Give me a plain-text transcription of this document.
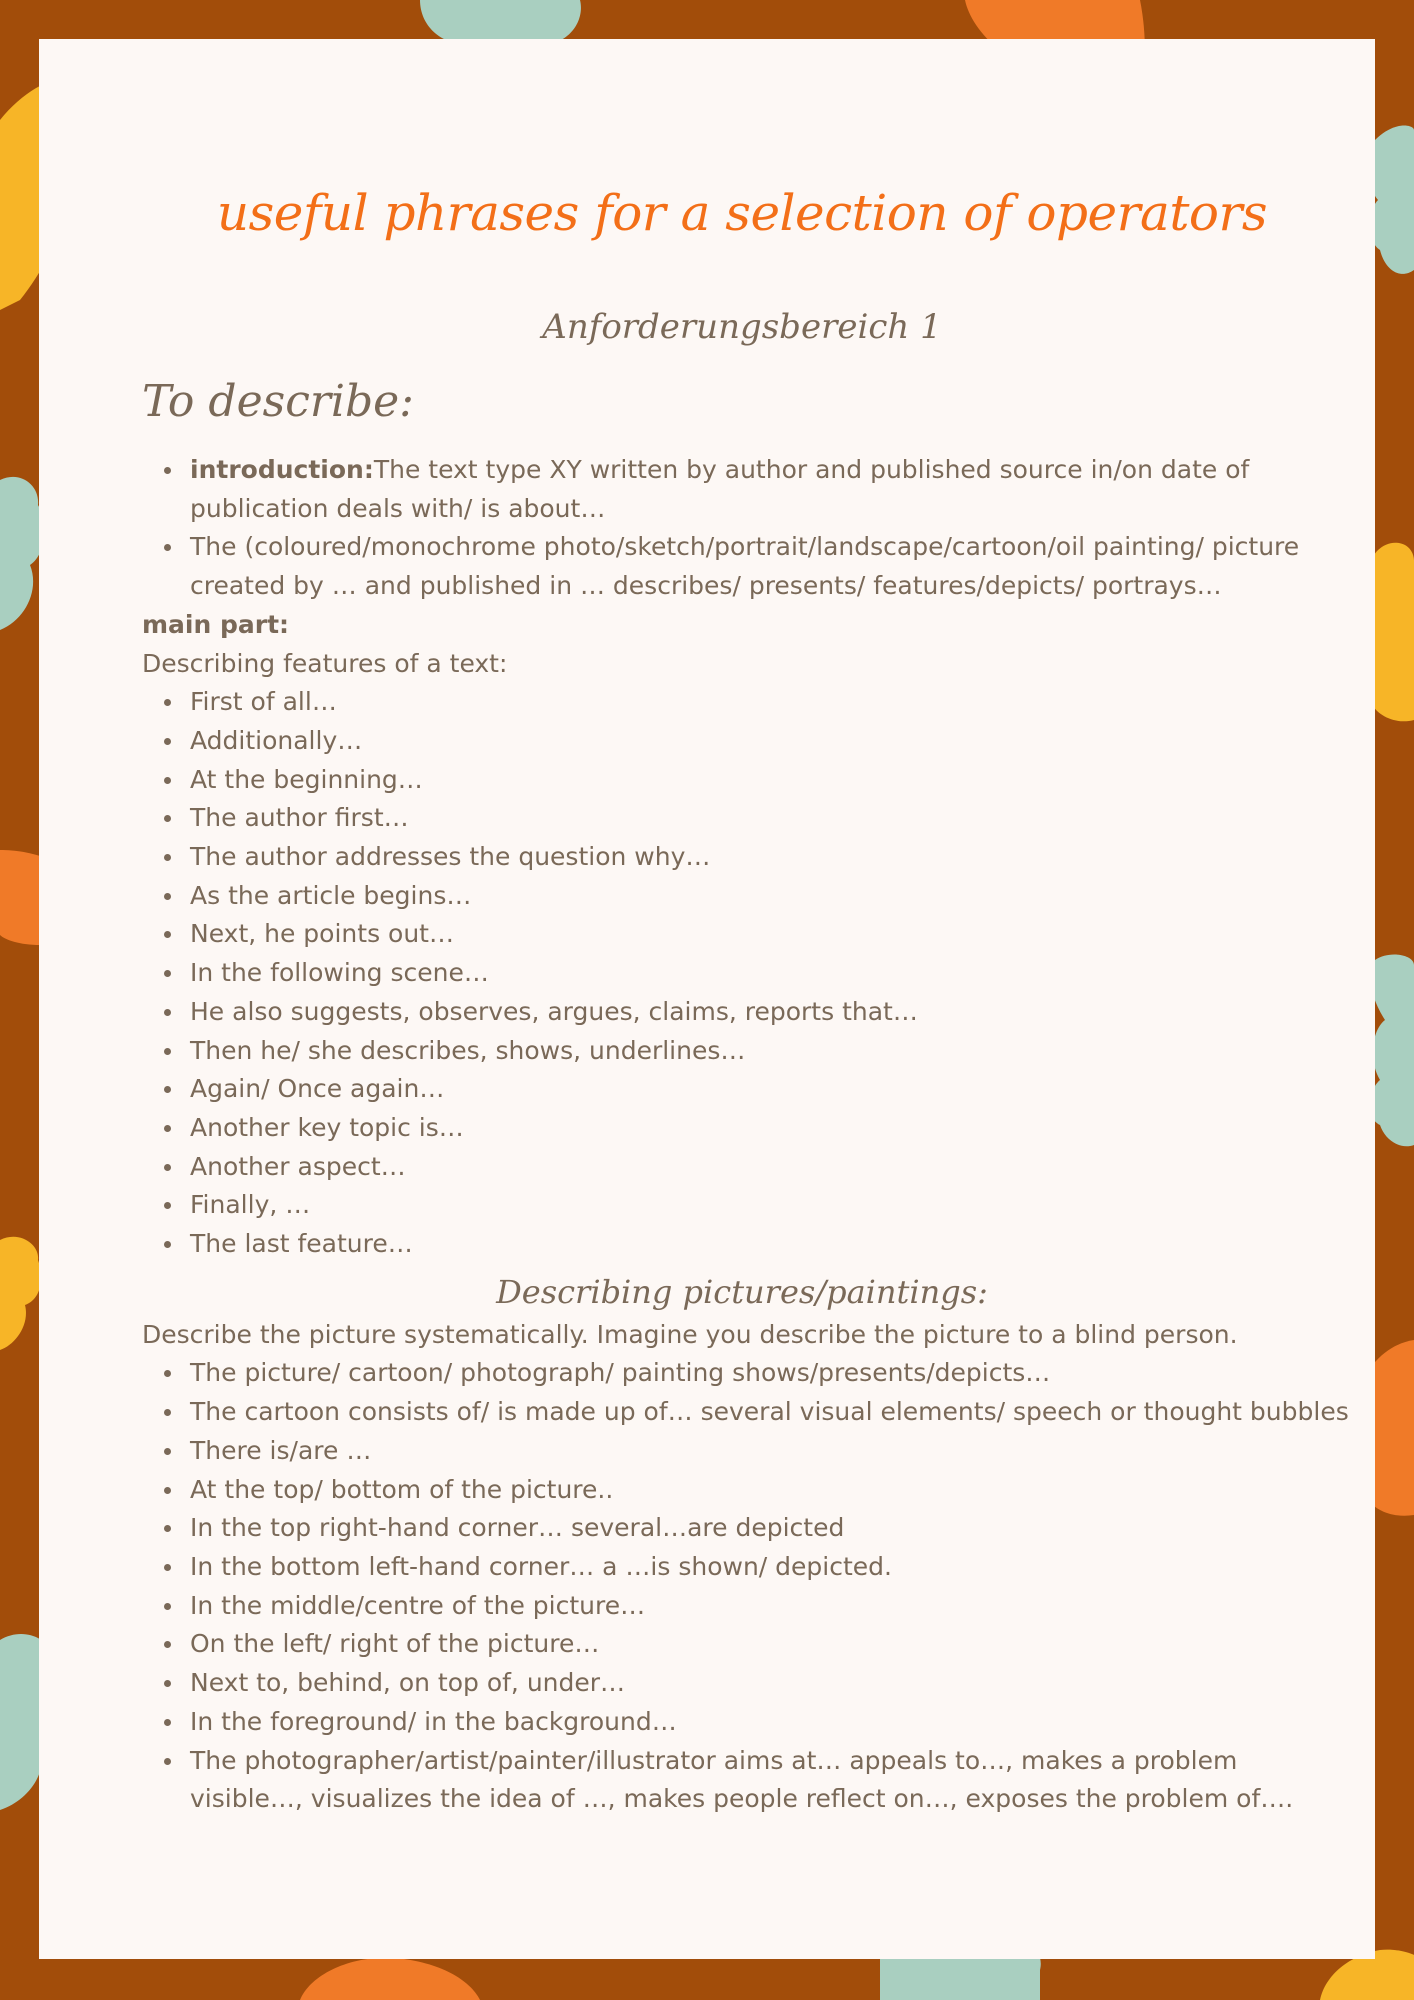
useful phrases for a selection of operators
Anforderungsbereich 1
To describe:
introduction:The text type XY written by author and published source in/on date of publication deals with/ is about…
The (coloured/monochrome photo/sketch/portrait/landscape/cartoon/oil painting/ picture created by … and published in … describes/ presents/ features/depicts/ portrays…

main part:

Describing features of a text:

First of all…
Additionally…
At the beginning…
The author first…
The author addresses the question why…
As the article begins…
Next, he points out…
In the following scene…
He also suggests, observes, argues, claims, reports that…
Then he/ she describes, shows, underlines…
Again/ Once again…
Another key topic is…
Another aspect…
Finally, …
The last feature…

Describing pictures/paintings:

Describe the picture systematically. Imagine you describe the picture to a blind person.

The picture/ cartoon/ photograph/ painting shows/presents/depicts…
The cartoon consists of/ is made up of… several visual elements/ speech or thought bubbles
There is/are …
At the top/ bottom of the picture..
In the top right-hand corner… several…are depicted
In the bottom left-hand corner… a …is shown/ depicted.
In the middle/centre of the picture…
On the left/ right of the picture…
Next to, behind, on top of, under…
In the foreground/ in the background…
The photographer/artist/painter/illustrator aims at… appeals to…, makes a problem visible…, visualizes the idea of …, makes people reflect on…, exposes the problem of….
